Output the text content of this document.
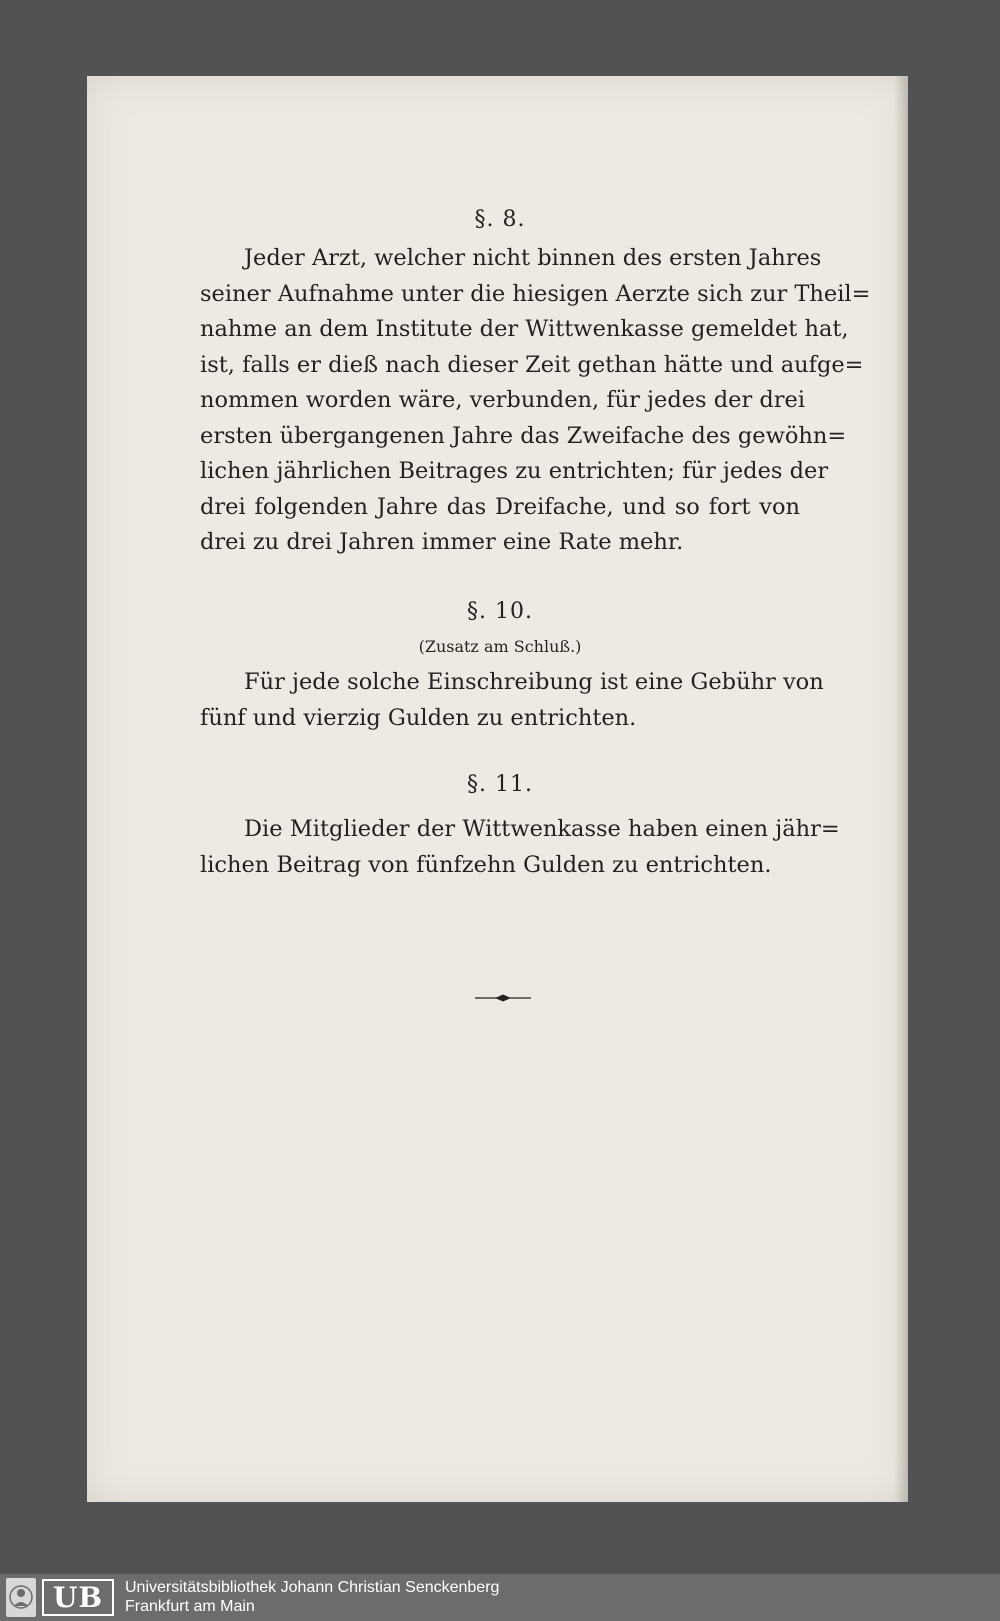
§. 8.
Jeder Arzt, welcher nicht binnen des ersten Jahres
seiner Aufnahme unter die hiesigen Aerzte sich zur Theil=
nahme an dem Institute der Wittwenkasse gemeldet hat,
ist, falls er dieß nach dieser Zeit gethan hätte und aufge=
nommen worden wäre, verbunden, für jedes der drei
ersten übergangenen Jahre das Zweifache des gewöhn=
lichen jährlichen Beitrages zu entrichten; für jedes der
drei folgenden Jahre das Dreifache, und so fort von
drei zu drei Jahren immer eine Rate mehr.
§. 10.
(Zusatz am Schluß.)
Für jede solche Einschreibung ist eine Gebühr von
fünf und vierzig Gulden zu entrichten.
§. 11.
Die Mitglieder der Wittwenkasse haben einen jähr=
lichen Beitrag von fünfzehn Gulden zu entrichten.
UB	Universitätsbibliothek Johann Christian Senckenberg
Frankfurt am Main
